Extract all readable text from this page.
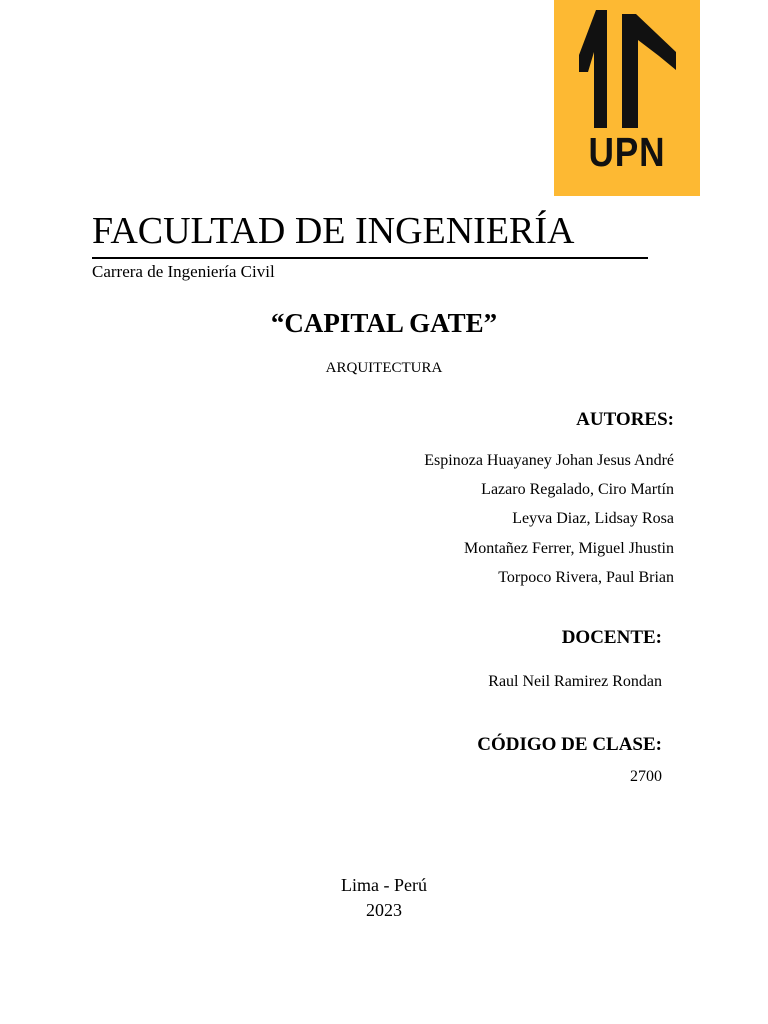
UPN
FACULTAD DE INGENIERÍA
Carrera de Ingeniería Civil
“CAPITAL GATE”
ARQUITECTURA
AUTORES:
Espinoza Huayaney Johan Jesus André
Lazaro Regalado, Ciro Martín
Leyva Diaz, Lidsay Rosa
Montañez Ferrer, Miguel Jhustin
Torpoco Rivera, Paul Brian
DOCENTE:
Raul Neil Ramirez Rondan
CÓDIGO DE CLASE:
2700
Lima - Perú
2023
